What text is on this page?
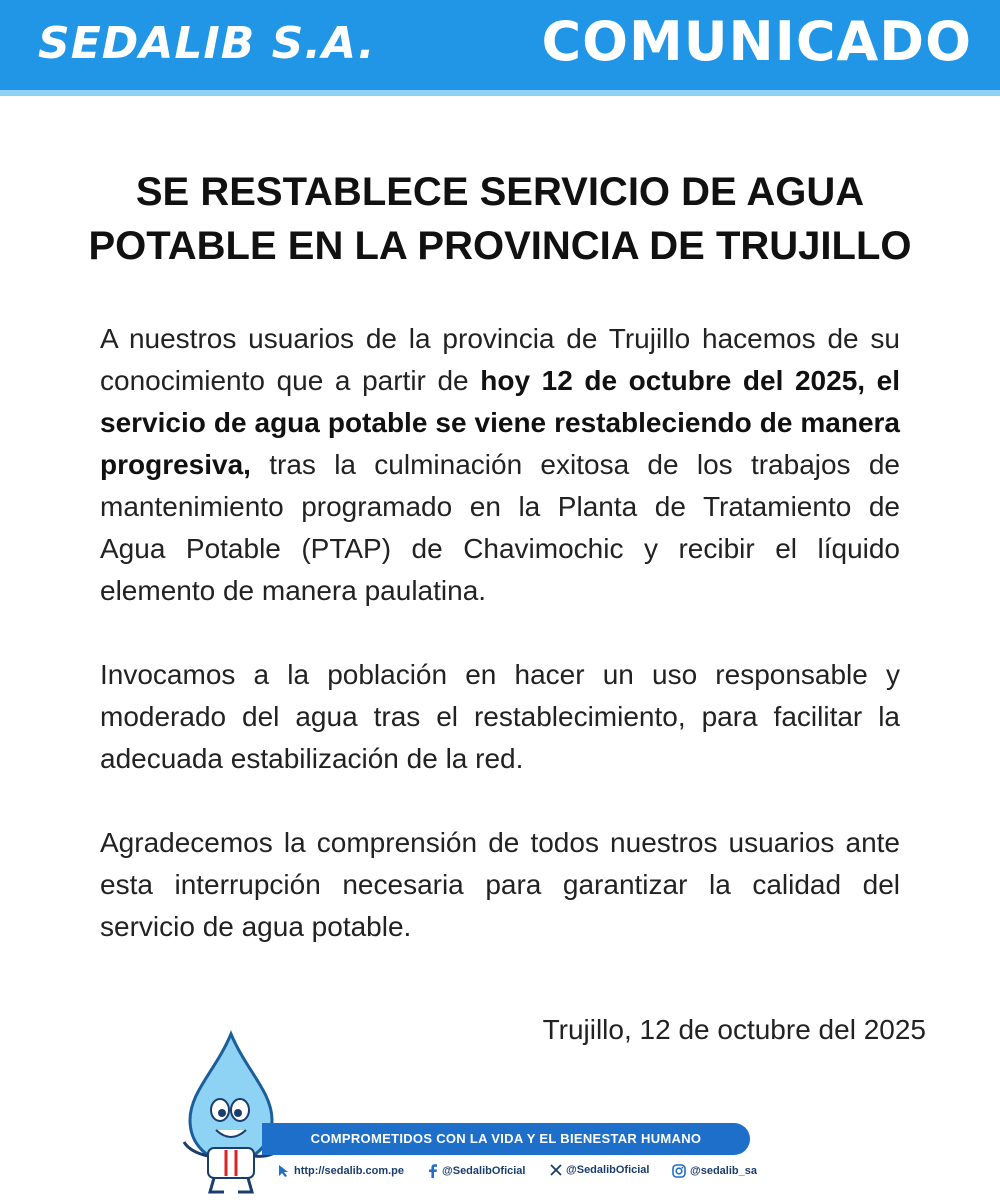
SEDALIB S.A.	COMUNICADO
SE RESTABLECE SERVICIO DE AGUA POTABLE EN LA PROVINCIA DE TRUJILLO

A nuestros usuarios de la provincia de Trujillo hacemos de su conocimiento que a partir de hoy 12 de octubre del 2025, el servicio de agua potable se viene restableciendo de manera progresiva, tras la culminación exitosa de los trabajos de mantenimiento programado en la Planta de Tratamiento de Agua Potable (PTAP) de Chavimochic y recibir el líquido elemento de manera paulatina.

Invocamos a la población en hacer un uso responsable y moderado del agua tras el restablecimiento, para facilitar la adecuada estabilización de la red.

Agradecemos la comprensión de todos nuestros usuarios ante esta interrupción necesaria para garantizar la calidad del servicio de agua potable.

Trujillo, 12 de octubre del 2025
COMPROMETIDOS CON LA VIDA Y EL BIENESTAR HUMANO
http://sedalib.com.pe	@SedalibOficial	@SedalibOficial	@sedalib_sa
